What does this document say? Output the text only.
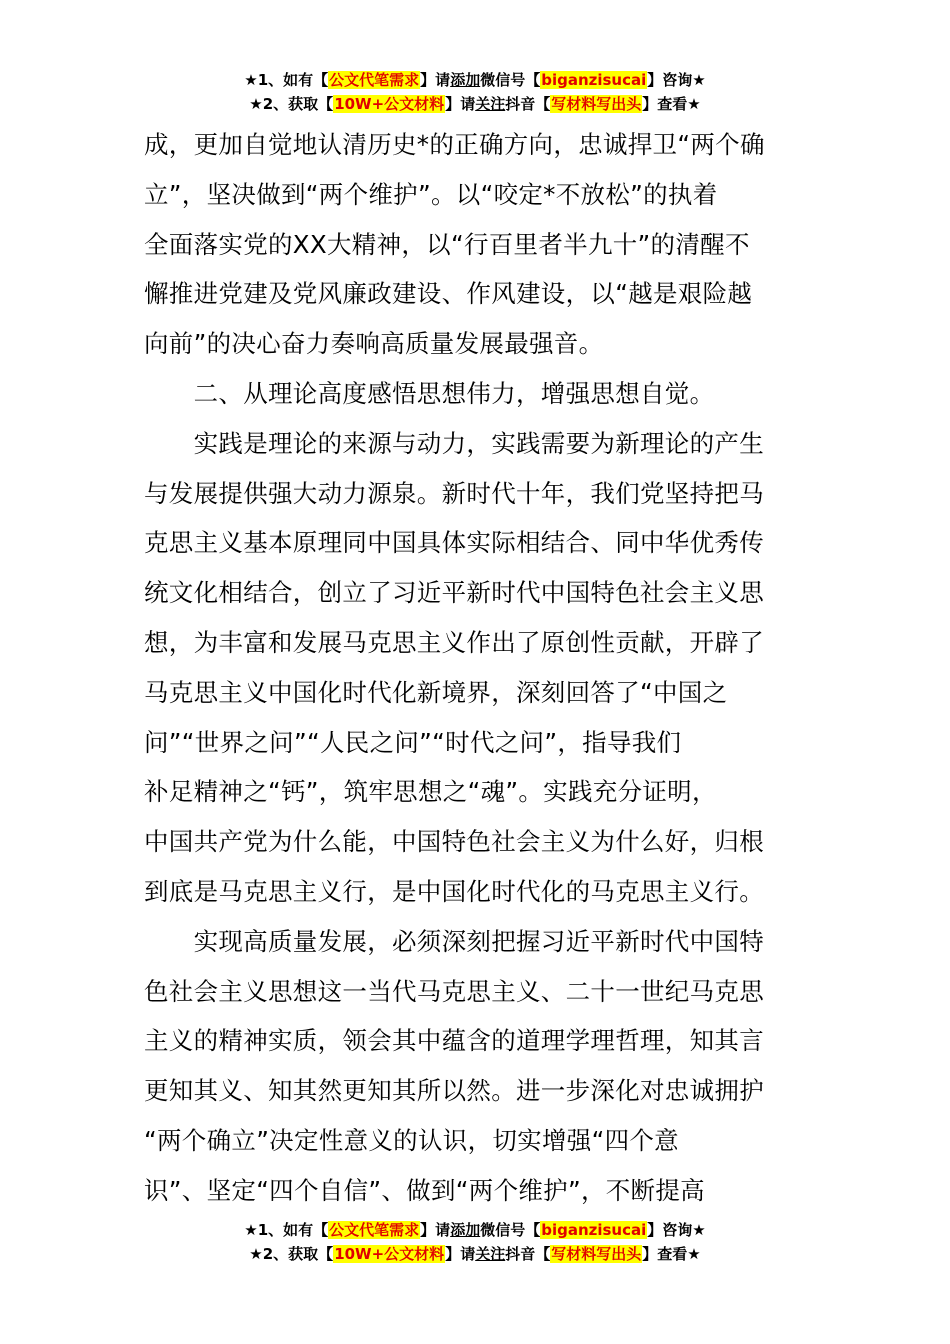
★1、如有【公文代笔需求】请添加微信号【biganzisucai】咨询★
★2、获取【10W+公文材料】请关注抖音【写材料写出头】查看★
成，更加自觉地认清历史*的正确方向，忠诚捍卫“两个确
立”，坚决做到“两个维护”。以“咬定*不放松”的执着
全面落实党的XX大精神，以“行百里者半九十”的清醒不
懈推进党建及党风廉政建设、作风建设，以“越是艰险越
向前”的决心奋力奏响高质量发展最强音。
　　二、从理论高度感悟思想伟力，增强思想自觉。
　　实践是理论的来源与动力，实践需要为新理论的产生
与发展提供强大动力源泉。新时代十年，我们党坚持把马
克思主义基本原理同中国具体实际相结合、同中华优秀传
统文化相结合，创立了习近平新时代中国特色社会主义思
想，为丰富和发展马克思主义作出了原创性贡献，开辟了
马克思主义中国化时代化新境界，深刻回答了“中国之
问”“世界之问”“人民之问”“时代之问”，指导我们
补足精神之“钙”，筑牢思想之“魂”。实践充分证明，
中国共产党为什么能，中国特色社会主义为什么好，归根
到底是马克思主义行，是中国化时代化的马克思主义行。
　　实现高质量发展，必须深刻把握习近平新时代中国特
色社会主义思想这一当代马克思主义、二十一世纪马克思
主义的精神实质，领会其中蕴含的道理学理哲理，知其言
更知其义、知其然更知其所以然。进一步深化对忠诚拥护
“两个确立”决定性意义的认识，切实增强“四个意
识”、坚定“四个自信”、做到“两个维护”，不断提高
★1、如有【公文代笔需求】请添加微信号【biganzisucai】咨询★
★2、获取【10W+公文材料】请关注抖音【写材料写出头】查看★
